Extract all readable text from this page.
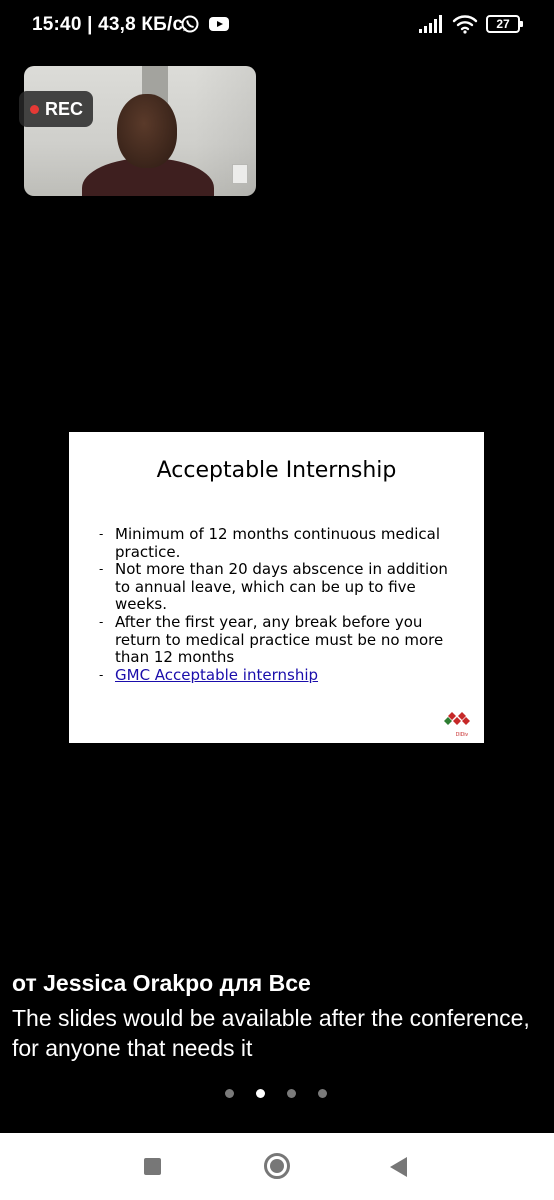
15:40 | 43,8 КБ/с	27
REC
Acceptable Internship
- Minimum of 12 months continuous medical practice.
- Not more than 20 days abscence in addition to annual leave, which can be up to five weeks.
- After the first year, any break before you return to medical practice must be no more than 12 months
- GMC Acceptable internship
DIDiv
от Jessica Orakpo для Все
The slides would be available after the conference, for anyone that needs it
